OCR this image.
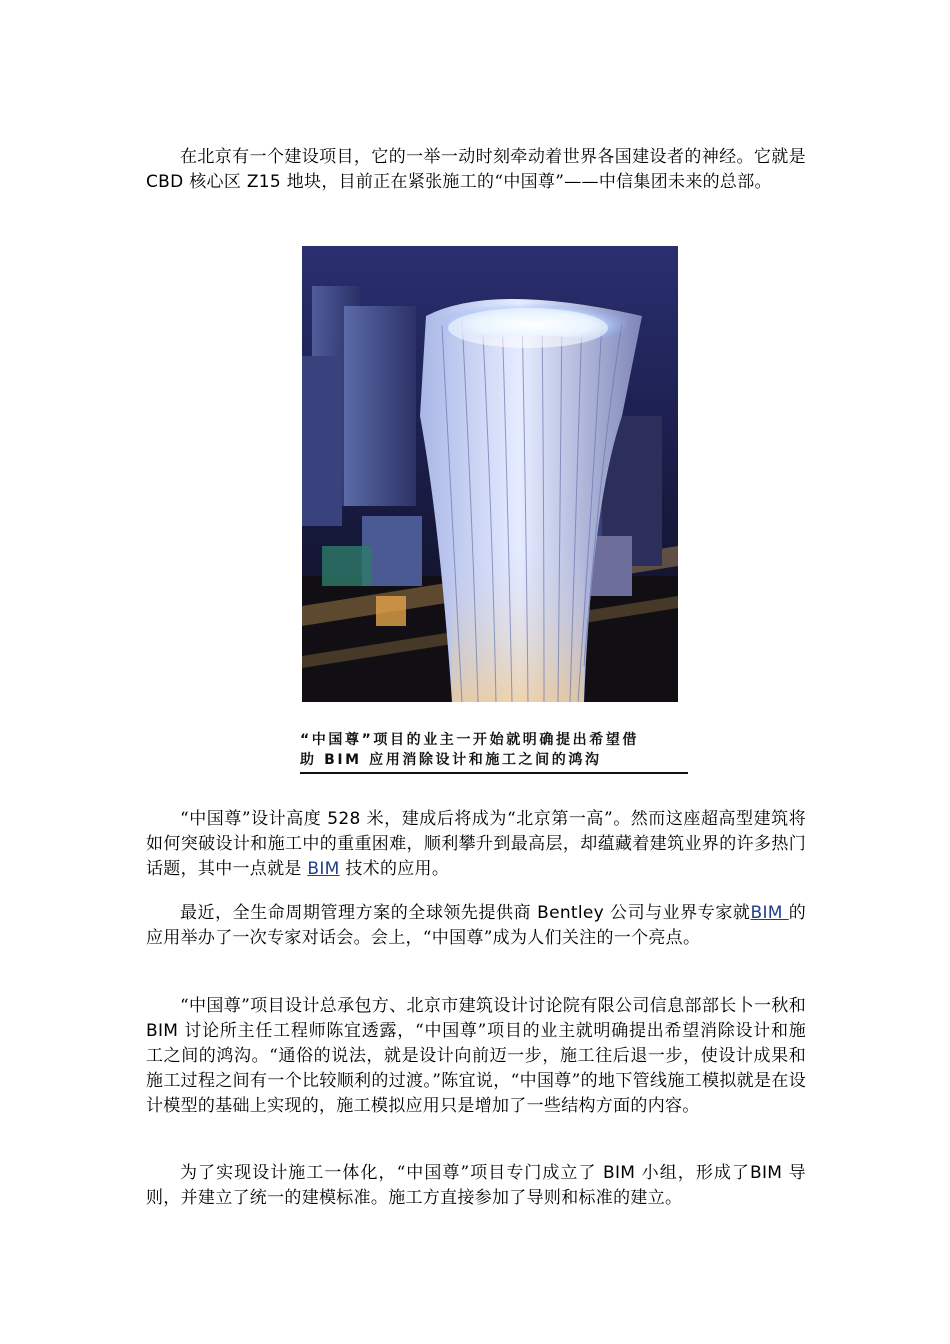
在北京有一个建设项目，它的一举一动时刻牵动着世界各国建设者的神经。它就是CBD 核心区 Z15 地块，目前正在紧张施工的“中国尊”——中信集团未来的总部。

“中国尊”项目的业主一开始就明确提出希望借
助 BIM 应用消除设计和施工之间的鸿沟

“中国尊”设计高度 528 米，建成后将成为“北京第一高”。然而这座超高型建筑将如何突破设计和施工中的重重困难，顺利攀升到最高层，却蕴藏着建筑业界的许多热门话题，其中一点就是 BIM 技术的应用。

最近，全生命周期管理方案的全球领先提供商 Bentley 公司与业界专家就BIM 的应用举办了一次专家对话会。会上，“中国尊”成为人们关注的一个亮点。

“中国尊”项目设计总承包方、北京市建筑设计讨论院有限公司信息部部长卜一秋和 BIM 讨论所主任工程师陈宜透露，“中国尊”项目的业主就明确提出希望消除设计和施工之间的鸿沟。“通俗的说法，就是设计向前迈一步，施工往后退一步，使设计成果和施工过程之间有一个比较顺利的过渡。”陈宜说，“中国尊”的地下管线施工模拟就是在设计模型的基础上实现的，施工模拟应用只是增加了一些结构方面的内容。

为了实现设计施工一体化，“中国尊”项目专门成立了 BIM 小组，形成了BIM 导则，并建立了统一的建模标准。施工方直接参加了导则和标准的建立。
